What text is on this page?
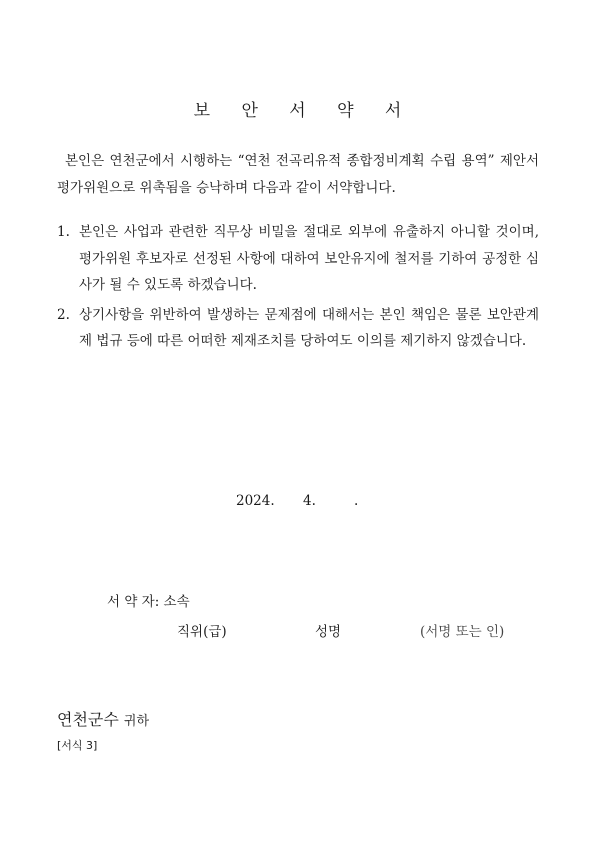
보 안 서 약 서
본인은 연천군에서 시행하는 “연천 전곡리유적 종합정비계획 수립 용역” 제안서 평가위원으로 위촉됨을 승낙하며 다음과 같이 서약합니다.
1. 본인은 사업과 관련한 직무상 비밀을 절대로 외부에 유출하지 아니할 것이며, 평가위원 후보자로 선정된 사항에 대하여 보안유지에 철저를 기하여 공정한 심사가 될 수 있도록 하겠습니다.
2. 상기사항을 위반하여 발생하는 문제점에 대해서는 본인 책임은 물론 보안관계 제 법규 등에 따른 어떠한 제재조치를 당하여도 이의를 제기하지 않겠습니다.
2024. 4.	.
서 약 자: 소속
직위(급)	성명	(서명 또는 인)
연천군수 귀하
[서식 3]
